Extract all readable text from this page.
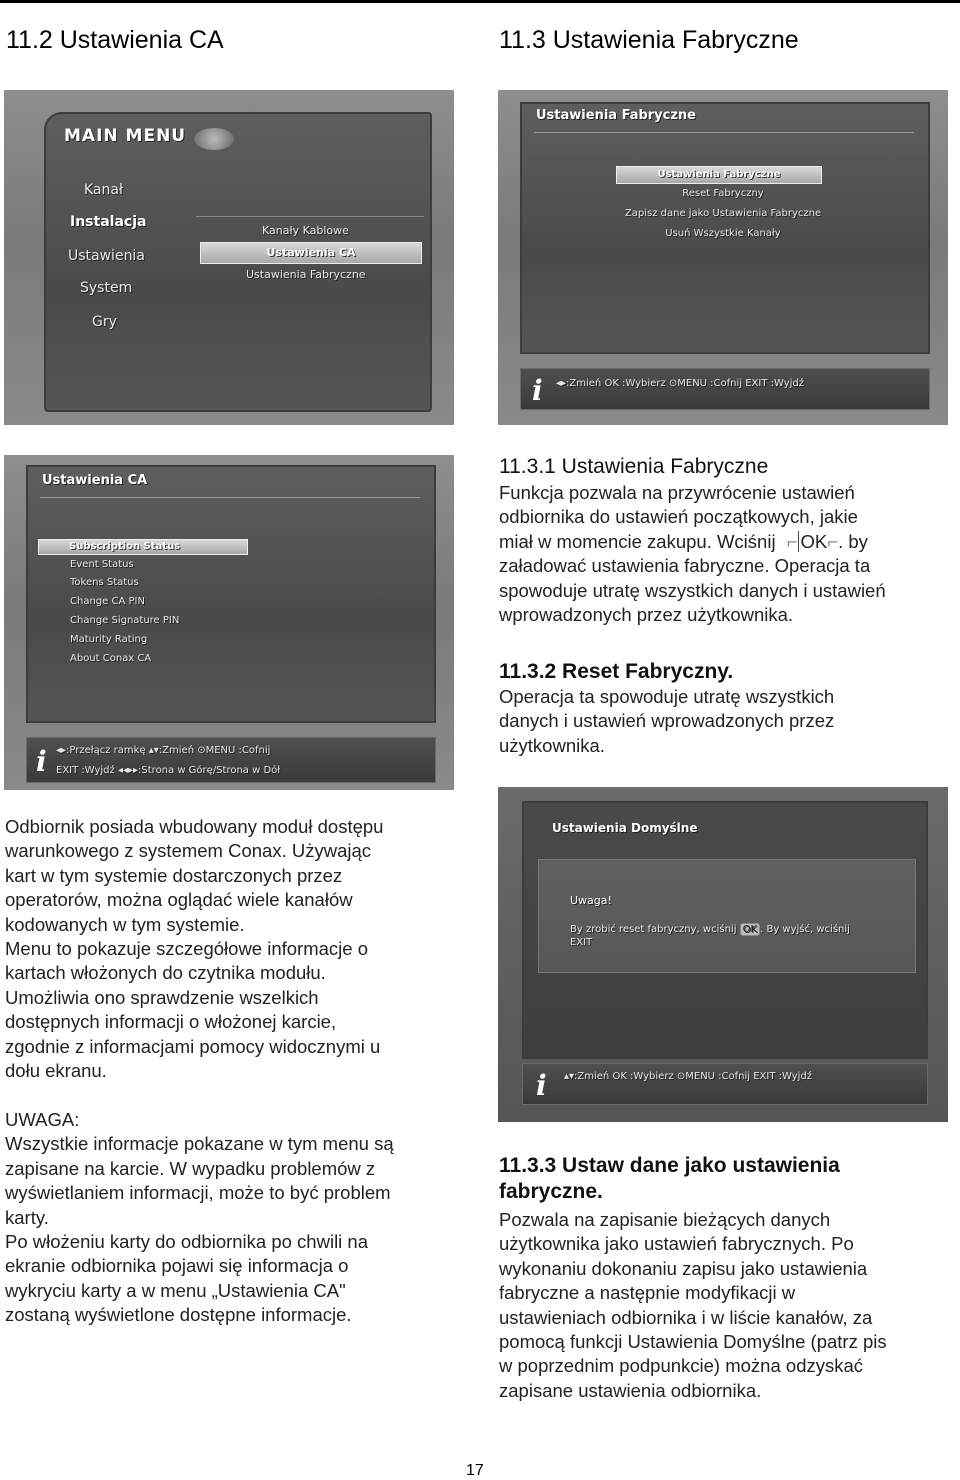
11.2 Ustawienia CA	11.3 Ustawienia Fabryczne
MAIN MENU
Kanał
Instalacja
Ustawienia
System
Gry
Kanały Kablowe
Ustawienia CA
Ustawienia Fabryczne
Ustawienia Fabryczne
Ustawienia Fabryczne
Reset Fabryczny
Zapisz dane jako Ustawienia Fabryczne
Usuń Wszystkie Kanały
i ◂▸:Zmień OK :Wybierz ⊙MENU :Cofnij EXIT :Wyjdź
Ustawienia CA
Subscription Status
Event Status
Tokens Status
Change CA PIN
Change Signature PIN
Maturity Rating
About Conax CA
i ◂▸:Przełącz ramkę ▴▾:Zmień ⊙MENU :Cofnij
EXIT :Wyjdź ◂◂▸▸:Strona w Górę/Strona w Dół
Ustawienia Domyślne
Uwaga!
By zrobić reset fabryczny, wciśnij OK . By wyjść, wciśnij
EXIT
i ▴▾:Zmień OK :Wybierz ⊙MENU :Cofnij EXIT :Wyjdź
11.3.1 Ustawienia Fabryczne
Funkcja pozwala na przywrócenie ustawień
odbiornika do ustawień początkowych, jakie
miał w momencie zakupu. Wciśnij ⌐ OK⌐. by
załadować ustawienia fabryczne. Operacja ta
spowoduje utratę wszystkich danych i ustawień
wprowadzonych przez użytkownika.
11.3.2 Reset Fabryczny.
Operacja ta spowoduje utratę wszystkich
danych i ustawień wprowadzonych przez
użytkownika.
Odbiornik posiada wbudowany moduł dostępu
warunkowego z systemem Conax. Używając
kart w tym systemie dostarczonych przez
operatorów, można oglądać wiele kanałów
kodowanych w tym systemie.
Menu to pokazuje szczegółowe informacje o
kartach włożonych do czytnika modułu.
Umożliwia ono sprawdzenie wszelkich
dostępnych informacji o włożonej karcie,
zgodnie z informacjami pomocy widocznymi u
dołu ekranu.
UWAGA:
Wszystkie informacje pokazane w tym menu są
zapisane na karcie. W wypadku problemów z
wyświetlaniem informacji, może to być problem
karty.
Po włożeniu karty do odbiornika po chwili na
ekranie odbiornika pojawi się informacja o
wykryciu karty a w menu „Ustawienia CA"
zostaną wyświetlone dostępne informacje.
11.3.3 Ustaw dane jako ustawienia
fabryczne.
Pozwala na zapisanie bieżących danych
użytkownika jako ustawień fabrycznych. Po
wykonaniu dokonaniu zapisu jako ustawienia
fabryczne a następnie modyfikacji w
ustawieniach odbiornika i w liście kanałów, za
pomocą funkcji Ustawienia Domyślne (patrz pis
w poprzednim podpunkcie) można odzyskać
zapisane ustawienia odbiornika.
17
